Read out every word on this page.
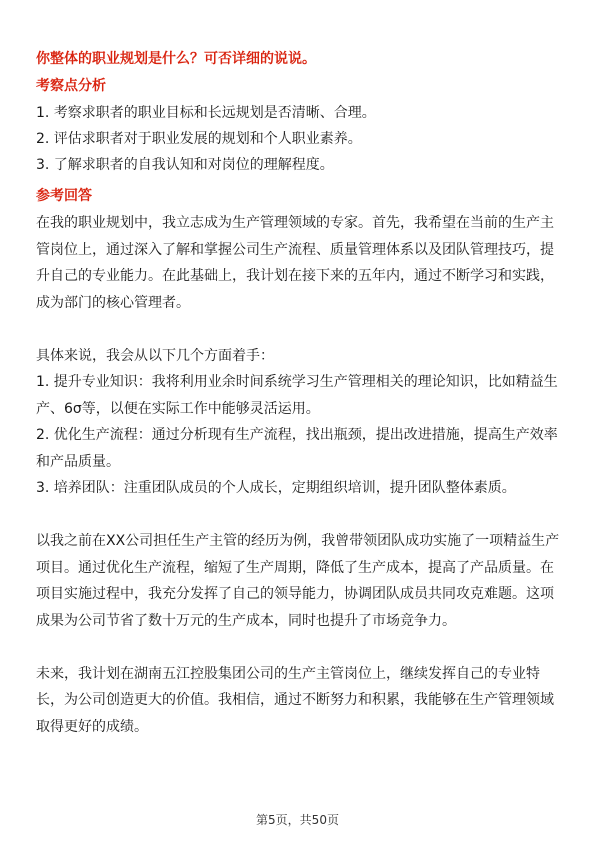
你整体的职业规划是什么？可否详细的说说。
考察点分析
1. 考察求职者的职业目标和长远规划是否清晰、合理。
2. 评估求职者对于职业发展的规划和个人职业素养。
3. 了解求职者的自我认知和对岗位的理解程度。
参考回答

在我的职业规划中，我立志成为生产管理领域的专家。首先，我希望在当前的生产主管岗位上，通过深入了解和掌握公司生产流程、质量管理体系以及团队管理技巧，提升自己的专业能力。在此基础上，我计划在接下来的五年内，通过不断学习和实践，成为部门的核心管理者。

具体来说，我会从以下几个方面着手：

1. 提升专业知识：我将利用业余时间系统学习生产管理相关的理论知识，比如精益生产、6σ等，以便在实际工作中能够灵活运用。
2. 优化生产流程：通过分析现有生产流程，找出瓶颈，提出改进措施，提高生产效率和产品质量。
3. 培养团队：注重团队成员的个人成长，定期组织培训，提升团队整体素质。

以我之前在XX公司担任生产主管的经历为例，我曾带领团队成功实施了一项精益生产项目。通过优化生产流程，缩短了生产周期，降低了生产成本，提高了产品质量。在项目实施过程中，我充分发挥了自己的领导能力，协调团队成员共同攻克难题。这项成果为公司节省了数十万元的生产成本，同时也提升了市场竞争力。

未来，我计划在湖南五江控股集团公司的生产主管岗位上，继续发挥自己的专业特长，为公司创造更大的价值。我相信，通过不断努力和积累，我能够在生产管理领域取得更好的成绩。

第5页，共50页
